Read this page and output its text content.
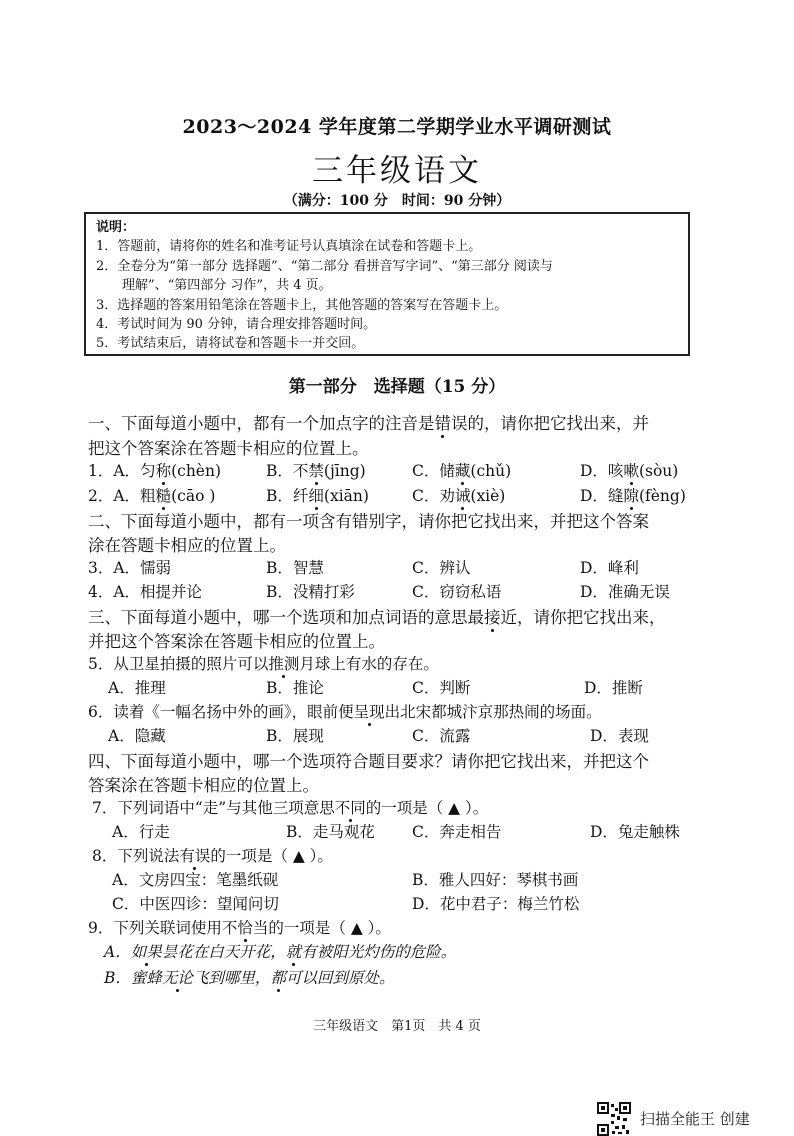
2023～2024 学年度第二学期学业水平调研测试
三年级语文
（满分：100 分　时间：90 分钟）
说明：
1．答题前，请将你的姓名和准考证号认真填涂在试卷和答题卡上。
2．全卷分为“第一部分 选择题”、“第二部分 看拼音写字词”、“第三部分 阅读与
　　理解”、“第四部分 习作”，共 4 页。
3．选择题的答案用铅笔涂在答题卡上，其他答题的答案写在答题卡上。
4．考试时间为 90 分钟，请合理安排答题时间。
5．考试结束后，请将试卷和答题卡一并交回。
第一部分　选择题（15 分）
一、下面每道小题中，都有一个加点字的注音是错误的，请你把它找出来，并
把这个答案涂在答题卡相应的位置上。
1．A．匀称(chèn)	B．不禁(jīng)	C．储藏(chǔ)	D．咳嗽(sòu)
2．A．粗糙(cāo )	B．纤细(xiān)	C．劝诫(xiè)	D．缝隙(fèng)
二、下面每道小题中，都有一项含有错别字，请你把它找出来，并把这个答案
涂在答题卡相应的位置上。
3．A．懦弱	B．智慧	C．辨认	D．峰利
4．A．相提并论	B．没精打彩	C．窃窃私语	D．准确无误
三、下面每道小题中，哪一个选项和加点词语的意思最接近，请你把它找出来，
并把这个答案涂在答题卡相应的位置上。
5．从卫星拍摄的照片可以推测月球上有水的存在。
A．推理	B．推论	C．判断	D．推断
6．读着《一幅名扬中外的画》，眼前便呈现出北宋都城汴京那热闹的场面。
A．隐藏	B．展现	C．流露	D．表现
四、下面每道小题中，哪一个选项符合题目要求？请你把它找出来，并把这个
答案涂在答题卡相应的位置上。
7．下列词语中“走”与其他三项意思不同的一项是（ ▲ ）。
A．行走	B．走马观花 C．奔走相告	D．兔走触株
8．下列说法有误的一项是（ ▲ ）。
A．文房四宝：笔墨纸砚	B．雅人四好：琴棋书画
C．中医四诊：望闻问切	D．花中君子：梅兰竹松
9．下列关联词使用不恰当的一项是（ ▲ ）。
A．如果昙花在白天开花，就有被阳光灼伤的危险。
B．蜜蜂无论飞到哪里，都可以回到原处。
三年级语文　第1页　共 4 页
扫描全能王 创建
